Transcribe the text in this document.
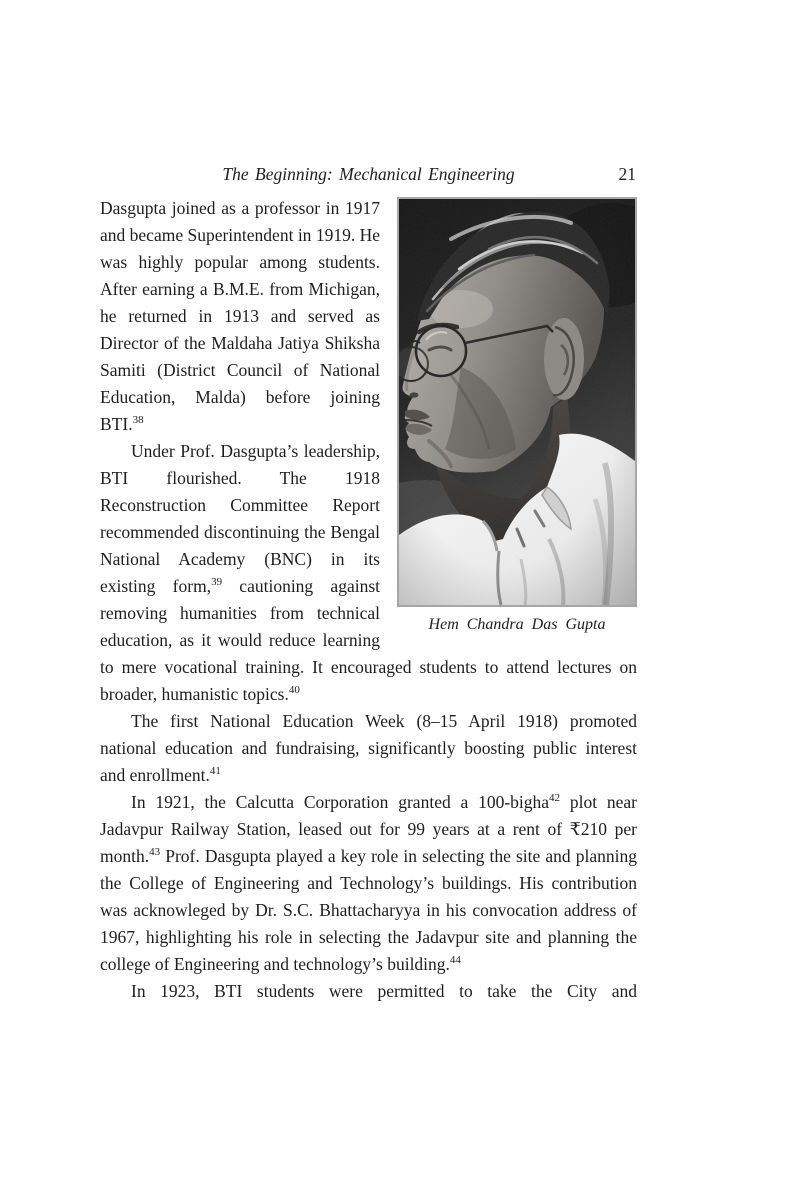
The Beginning: Mechanical Engineering	21
Hem Chandra Das Gupta

Dasgupta joined as a professor in 1917 and became Superintendent in 1919. He was highly popular among students. After earning a B.M.E. from Michigan, he returned in 1913 and served as Director of the Maldaha Jatiya Shiksha Samiti (District Council of National Education, Malda) before joining BTI.$^{38}$

Under Prof. Dasgupta’s leadership, BTI flourished. The 1918 Reconstruction Committee Report recommended discontinuing the Bengal National Academy (BNC) in its existing form,$^{39}$ cautioning against removing humanities from technical education, as it would reduce learning to mere vocational training. It encouraged students to attend lectures on broader, humanistic topics.$^{40}$

The first National Education Week (8–15 April 1918) promoted national education and fundraising, significantly boosting public interest and enrollment.$^{41}$

In 1921, the Calcutta Corporation granted a 100-bigha$^{42}$ plot near Jadavpur Railway Station, leased out for 99 years at a rent of ₹210 per month.$^{43}$ Prof. Dasgupta played a key role in selecting the site and planning the College of Engineering and Technology’s buildings. His contribution was acknowleged by Dr. S.C. Bhattacharyya in his convocation address of 1967, highlighting his role in selecting the Jadavpur site and planning the college of Engineering and technology’s building.$^{44}$

In 1923, BTI students were permitted to take the City and
